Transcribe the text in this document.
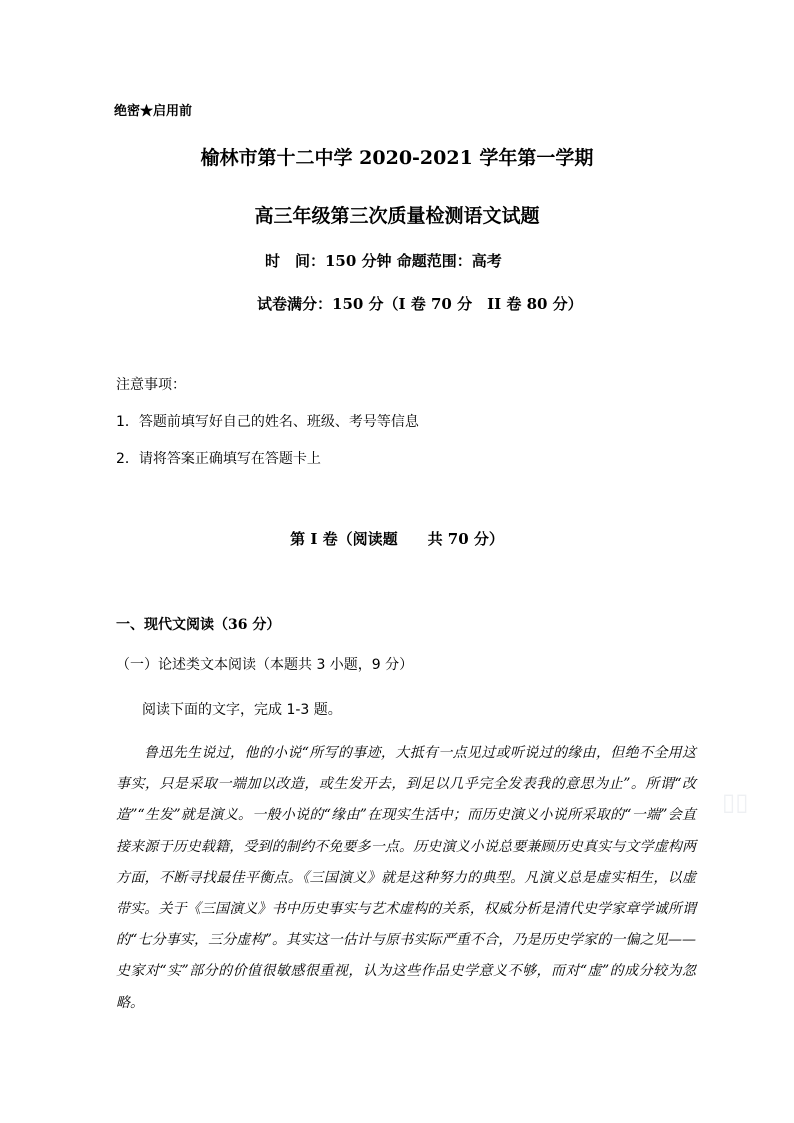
绝密★启用前
榆林市第十二中学 2020-2021 学年第一学期
高三年级第三次质量检测语文试题
时　间：150 分钟 命题范围：高考
试卷满分：150 分（I 卷 70 分　II 卷 80 分）
注意事项：
1．答题前填写好自己的姓名、班级、考号等信息
2．请将答案正确填写在答题卡上
第 I 卷（阅读题　　共 70 分）
一、现代文阅读（36 分）
（一）论述类文本阅读（本题共 3 小题，9 分）
阅读下面的文字，完成 1-3 题。

鲁迅先生说过，他的小说“所写的事迹，大抵有一点见过或听说过的缘由，但绝不全用这事实，只是采取一端加以改造，或生发开去，到足以几乎完全发表我的意思为止”。所谓“改造”“生发”就是演义。一般小说的“缘由”在现实生活中；而历史演义小说所采取的“一端”会直接来源于历史载籍，受到的制约不免要多一点。历史演义小说总要兼顾历史真实与文学虚构两方面，不断寻找最佳平衡点。《三国演义》就是这种努力的典型。凡演义总是虚实相生，以虚带实。关于《三国演义》书中历史事实与艺术虚构的关系，权威分析是清代史学家章学诚所谓的“七分事实，三分虚构”。其实这一估计与原书实际严重不合，乃是历史学家的一偏之见——史家对“实”部分的价值很敏感很重视，认为这些作品史学意义不够，而对“虚”的成分较为忽略。

▯▯
